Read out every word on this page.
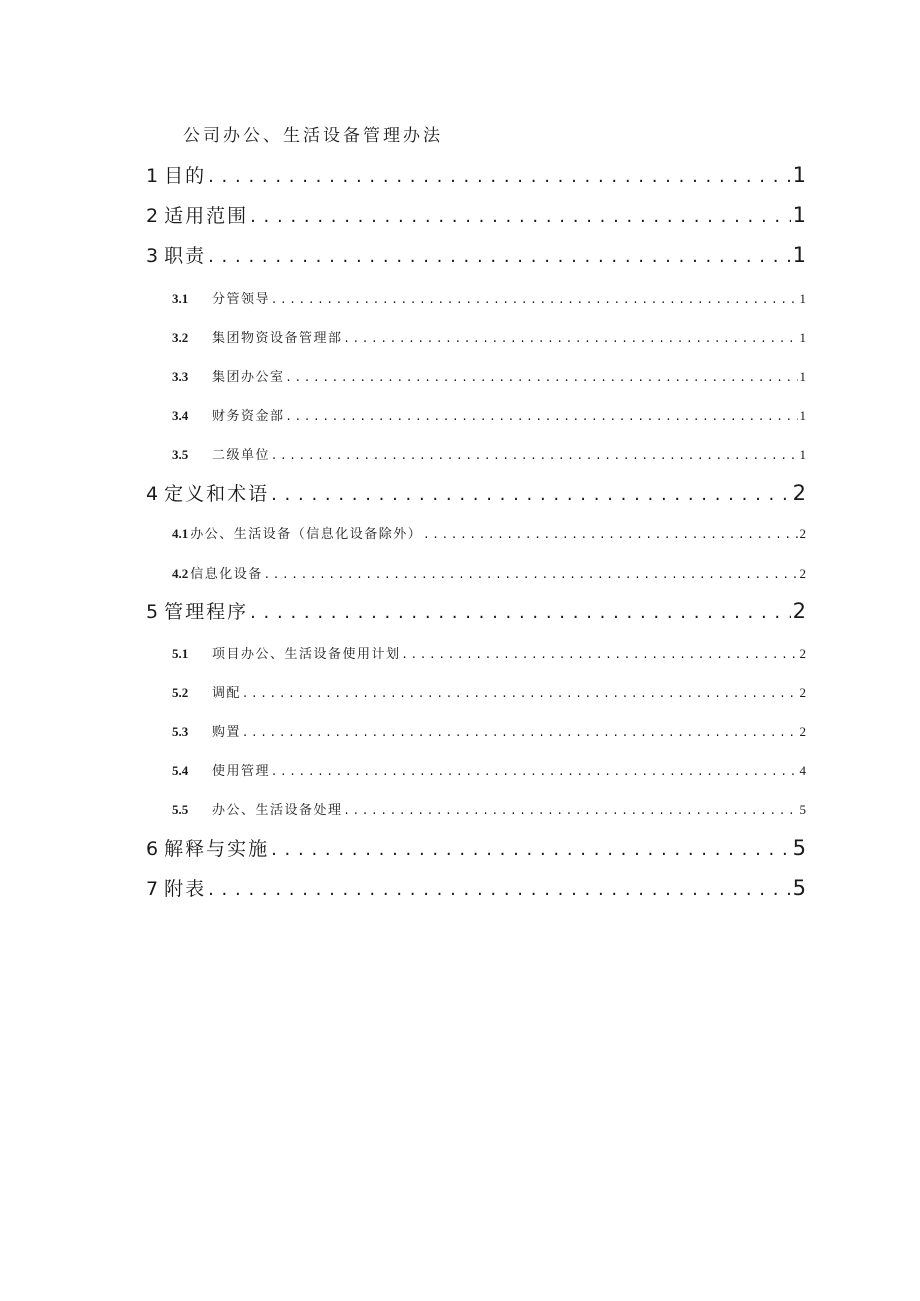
公司办公、生活设备管理办法
1 目的 . . .	1
2 适用范围 . . .	1
3 职责 . . .	1
3.1 分管领导 . . .	1
3.2 集团物资设备管理部 . . .	1
3.3 集团办公室 . . .	1
3.4 财务资金部 . . .	1
3.5 二级单位 . . .	1
4 定义和术语 . . .	2
4.1 办公、生活设备（信息化设备除外） . . .	2
4.2 信息化设备 . . .	2
5 管理程序 . . .	2
5.1 项目办公、生活设备使用计划 . . .	2
5.2 调配 . . .	2
5.3 购置 . . .	2
5.4 使用管理 . . .	4
5.5 办公、生活设备处理 . . .	5
6 解释与实施 . . .	5
7 附表 . . .	5
